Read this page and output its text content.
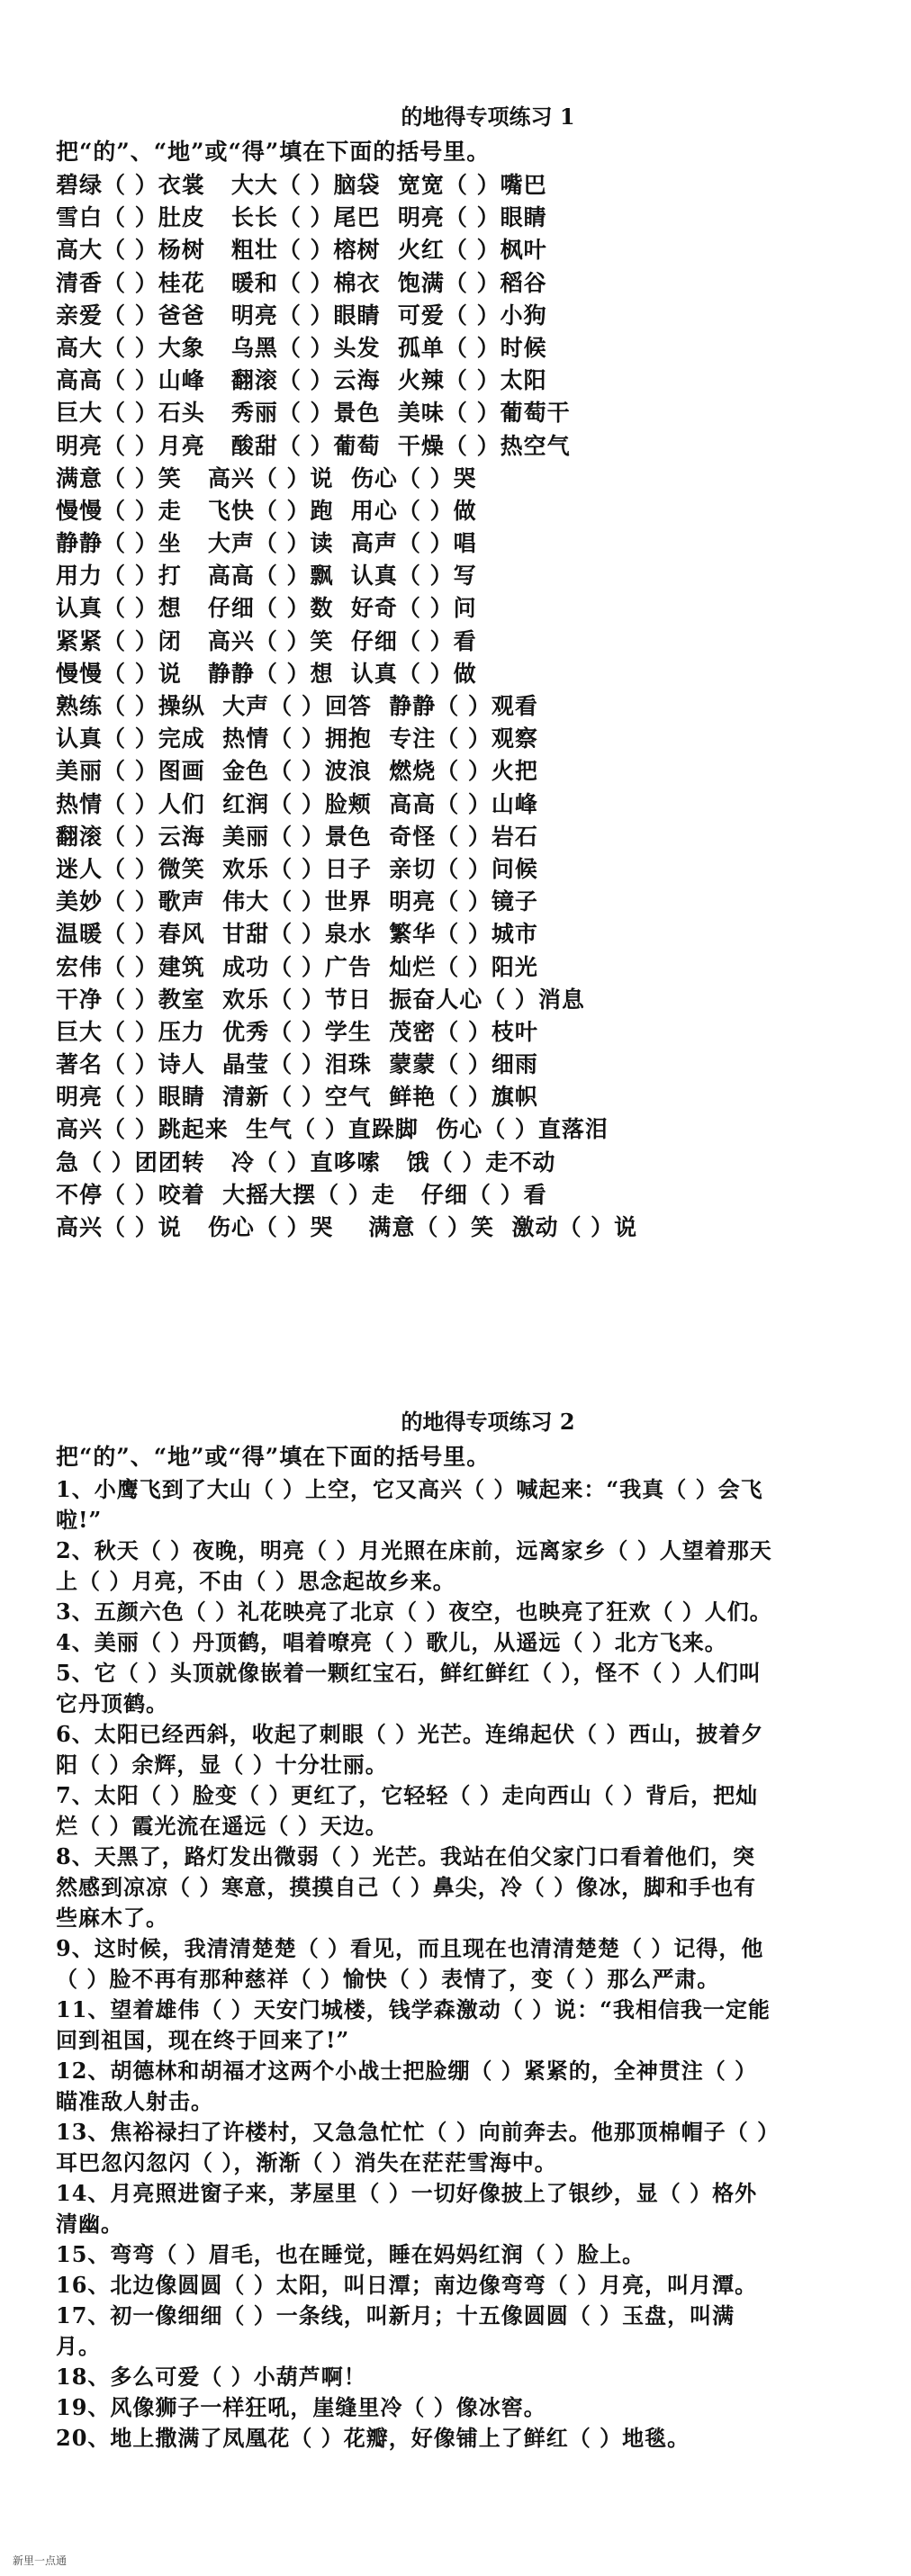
的地得专项练习 1
把“的”、“地”或“得”填在下面的括号里。
碧绿（ ）衣裳   大大（ ）脑袋  宽宽（ ）嘴巴
雪白（ ）肚皮   长长（ ）尾巴  明亮（ ）眼睛
高大（ ）杨树   粗壮（ ）榕树  火红（ ）枫叶
清香（ ）桂花   暖和（ ）棉衣  饱满（ ）稻谷
亲爱（ ）爸爸   明亮（ ）眼睛  可爱（ ）小狗
高大（ ）大象   乌黑（ ）头发  孤单（ ）时候
高高（ ）山峰   翻滚（ ）云海  火辣（ ）太阳
巨大（ ）石头   秀丽（ ）景色  美味（ ）葡萄干
明亮（ ）月亮   酸甜（ ）葡萄  干燥（ ）热空气
满意（ ）笑   高兴（ ）说  伤心（ ）哭
慢慢（ ）走   飞快（ ）跑  用心（ ）做
静静（ ）坐   大声（ ）读  高声（ ）唱
用力（ ）打   高高（ ）飘  认真（ ）写
认真（ ）想   仔细（ ）数  好奇（ ）问
紧紧（ ）闭   高兴（ ）笑  仔细（ ）看
慢慢（ ）说   静静（ ）想  认真（ ）做
熟练（ ）操纵  大声（ ）回答  静静（ ）观看
认真（ ）完成  热情（ ）拥抱  专注（ ）观察
美丽（ ）图画  金色（ ）波浪  燃烧（ ）火把
热情（ ）人们  红润（ ）脸颊  高高（ ）山峰
翻滚（ ）云海  美丽（ ）景色  奇怪（ ）岩石
迷人（ ）微笑  欢乐（ ）日子  亲切（ ）问候
美妙（ ）歌声  伟大（ ）世界  明亮（ ）镜子
温暖（ ）春风  甘甜（ ）泉水  繁华（ ）城市
宏伟（ ）建筑  成功（ ）广告  灿烂（ ）阳光
干净（ ）教室  欢乐（ ）节日  振奋人心（ ）消息
巨大（ ）压力  优秀（ ）学生  茂密（ ）枝叶
著名（ ）诗人  晶莹（ ）泪珠  蒙蒙（ ）细雨
明亮（ ）眼睛  清新（ ）空气  鲜艳（ ）旗帜
高兴（ ）跳起来  生气（ ）直跺脚  伤心（ ）直落泪
急（ ）团团转   冷（ ）直哆嗦   饿（ ）走不动
不停（ ）咬着  大摇大摆（ ）走   仔细（ ）看
高兴（ ）说   伤心（ ）哭    满意（ ）笑  激动（ ）说
的地得专项练习 2
把“的”、“地”或“得”填在下面的括号里。
1、小鹰飞到了大山（ ）上空，它又高兴（ ）喊起来：“我真（ ）会飞啦!”
2、秋天（ ）夜晚，明亮（ ）月光照在床前，远离家乡（ ）人望着那天上（ ）月亮，不由（ ）思念起故乡来。
3、五颜六色（ ）礼花映亮了北京（ ）夜空，也映亮了狂欢（ ）人们。
4、美丽（ ）丹顶鹤，唱着嘹亮（ ）歌儿，从遥远（ ）北方飞来。
5、它（ ）头顶就像嵌着一颗红宝石，鲜红鲜红（ ），怪不（ ）人们叫它丹顶鹤。
6、太阳已经西斜，收起了刺眼（ ）光芒。连绵起伏（ ）西山，披着夕阳（ ）余辉，显（ ）十分壮丽。
7、太阳（ ）脸变（ ）更红了，它轻轻（ ）走向西山（ ）背后，把灿烂（ ）霞光流在遥远（ ）天边。
8、天黑了，路灯发出微弱（ ）光芒。我站在伯父家门口看着他们，突然感到凉凉（ ）寒意，摸摸自己（ ）鼻尖，冷（ ）像冰，脚和手也有些麻木了。
9、这时候，我清清楚楚（ ）看见，而且现在也清清楚楚（ ）记得，他（ ）脸不再有那种慈祥（ ）愉快（ ）表情了，变（ ）那么严肃。
11、望着雄伟（ ）天安门城楼，钱学森激动（ ）说：“我相信我一定能回到祖国，现在终于回来了!”
12、胡德林和胡福才这两个小战士把脸绷（ ）紧紧的，全神贯注（ ）瞄准敌人射击。
13、焦裕禄扫了许楼村，又急急忙忙（ ）向前奔去。他那顶棉帽子（ ）耳巴忽闪忽闪（ ），渐渐（ ）消失在茫茫雪海中。
14、月亮照进窗子来，茅屋里（ ）一切好像披上了银纱，显（ ）格外清幽。
15、弯弯（ ）眉毛，也在睡觉，睡在妈妈红润（ ）脸上。
16、北边像圆圆（ ）太阳，叫日潭；南边像弯弯（ ）月亮，叫月潭。
17、初一像细细（ ）一条线，叫新月；十五像圆圆（ ）玉盘，叫满月。
18、多么可爱（ ）小葫芦啊！
19、风像狮子一样狂吼，崖缝里冷（ ）像冰窖。
20、地上撒满了凤凰花（ ）花瓣，好像铺上了鲜红（ ）地毯。
新里一点通
